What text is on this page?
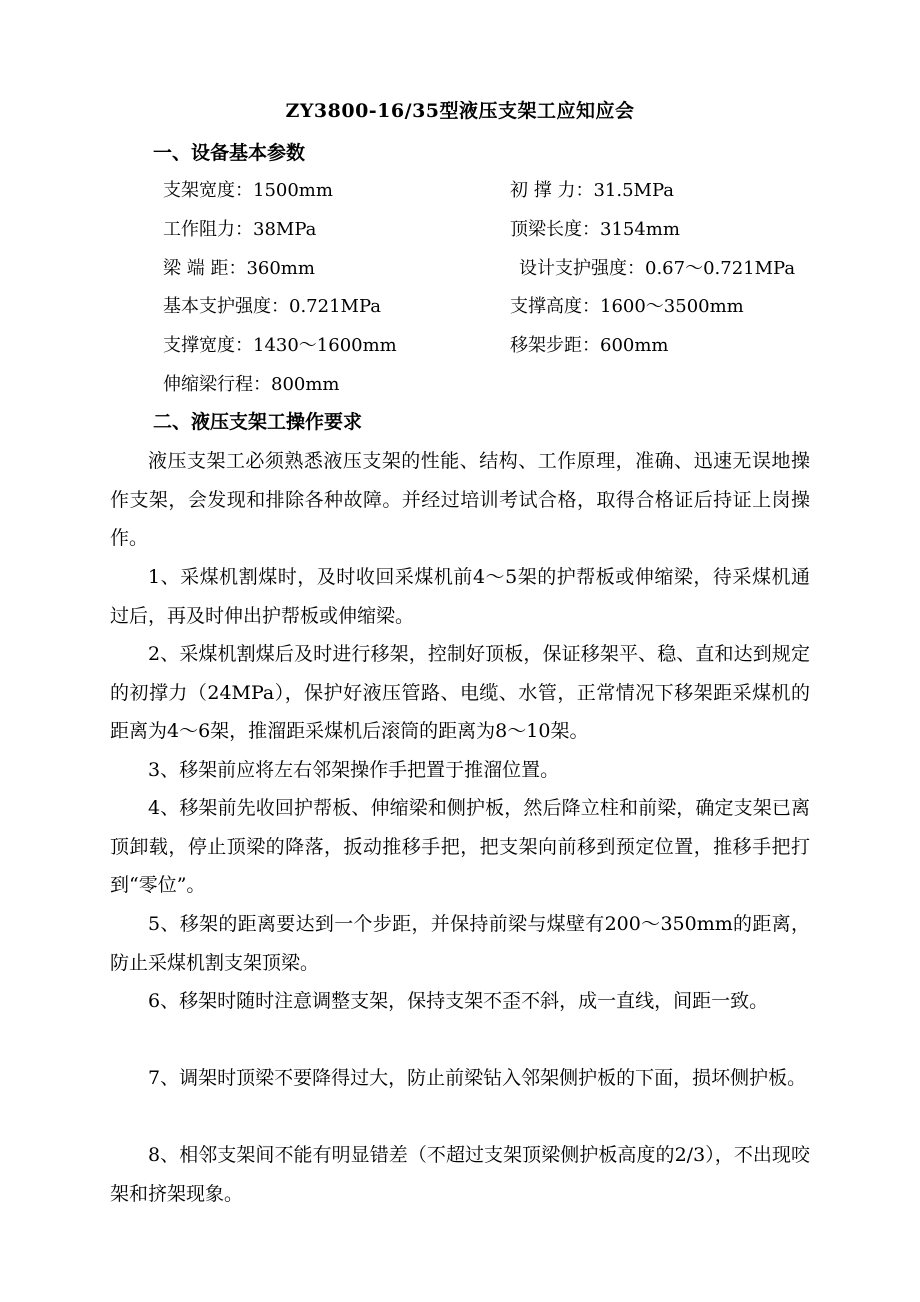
ZY3800-16/35型液压支架工应知应会
一、设备基本参数
支架宽度：1500mm	初 撑 力：31.5MPa
工作阻力：38MPa	顶梁长度：3154mm
梁 端 距：360mm	设计支护强度：0.67～0.721MPa
基本支护强度：0.721MPa	支撑高度：1600～3500mm
支撑宽度：1430～1600mm	移架步距：600mm
伸缩梁行程：800mm
二、液压支架工操作要求

液压支架工必须熟悉液压支架的性能、结构、工作原理，准确、迅速无误地操作支架，会发现和排除各种故障。并经过培训考试合格，取得合格证后持证上岗操作。

1、采煤机割煤时，及时收回采煤机前4～5架的护帮板或伸缩梁，待采煤机通过后，再及时伸出护帮板或伸缩梁。

2、采煤机割煤后及时进行移架，控制好顶板，保证移架平、稳、直和达到规定的初撑力（24MPa），保护好液压管路、电缆、水管，正常情况下移架距采煤机的距离为4～6架，推溜距采煤机后滚筒的距离为8～10架。

3、移架前应将左右邻架操作手把置于推溜位置。

4、移架前先收回护帮板、伸缩梁和侧护板，然后降立柱和前梁，确定支架已离顶卸载，停止顶梁的降落，扳动推移手把，把支架向前移到预定位置，推移手把打到“零位”。

5、移架的距离要达到一个步距，并保持前梁与煤壁有200～350mm的距离，防止采煤机割支架顶梁。

6、移架时随时注意调整支架，保持支架不歪不斜，成一直线，间距一致。

7、调架时顶梁不要降得过大，防止前梁钻入邻架侧护板的下面，损坏侧护板。

8、相邻支架间不能有明显错差（不超过支架顶梁侧护板高度的2/3），不出现咬架和挤架现象。
